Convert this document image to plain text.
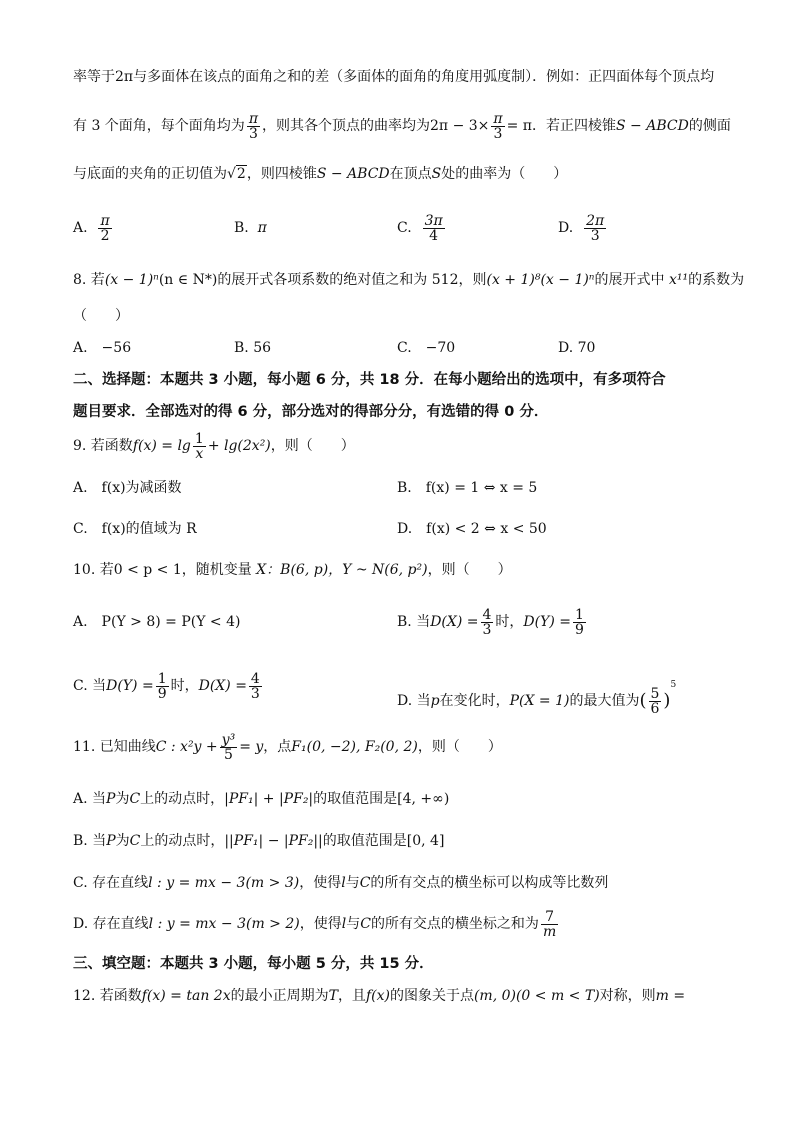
率等于2π与多面体在该点的面角之和的差（多面体的面角的角度用弧度制）．例如：正四面体每个顶点均
有 3 个面角，每个面角均为 $\frac{\pi}{3}$ ，则其各个顶点的曲率均为$2\pi - 3\times \frac{\pi}{3} = \pi$．若正四棱锥S − ABCD的侧面
与底面的夹角的正切值为√2，则四棱锥S − ABCD在顶点S处的曲率为（　　）
A. $\frac{\pi}{2}$	B. π	C. $\frac{3\pi}{4}$	D. $\frac{2\pi}{3}$
8. 若(x − 1)ⁿ(n ∈ N*)的展开式各项系数的绝对值之和为 512，则(x + 1)⁸(x − 1)ⁿ的展开式中 x¹¹的系数为
（　　）
A.　−56	B. 56	C.　−70	D. 70
二、选择题：本题共 3 小题，每小题 6 分，共 18 分．在每小题给出的选项中，有多项符合
题目要求．全部选对的得 6 分，部分选对的得部分分，有选错的得 0 分．
9. 若函数$f(x) = \lg \frac{1}{x} + \lg(2x^2)$，则（　　）
A.　f(x)为减函数	B.　f(x) = 1 ⇔ x = 5
C.　f(x)的值域为 R	D.　f(x) < 2 ⇔ x < 50
10. 若0 < p < 1，随机变量 X：B(6, p)，Y ~ N(6, p²)，则（　　）
A.　P(Y > 8) = P(Y < 4)	B. 当$D(X) = \frac{4}{3}$ 时，$D(Y) = \frac{1}{9}$
C. 当$D(Y) = \frac{1}{9}$ 时，$D(X) = \frac{4}{3}$
D. 当p在变化时，P(X = 1)的最大值为( $\frac{5}{6} )^5$
11. 已知曲线C : $x^2y + \frac{\text{y³}}{5} = y$，点F₁(0, −2), F₂(0, 2)，则（　　）
A. 当P为C上的动点时，|PF₁| + |PF₂|的取值范围是[4, +∞)
B. 当P为C上的动点时，||PF₁| − |PF₂||的取值范围是[0, 4]
C. 存在直线l : y = mx − 3(m > 3)，使得l与C的所有交点的横坐标可以构成等比数列
D. 存在直线l : y = mx − 3(m > 2)，使得l与C的所有交点的横坐标之和为 $\frac{7}{m}$
三、填空题：本题共 3 小题，每小题 5 分，共 15 分．
12. 若函数f(x) = tan 2x的最小正周期为T，且f(x)的图象关于点(m, 0)(0 < m < T)对称，则m =
